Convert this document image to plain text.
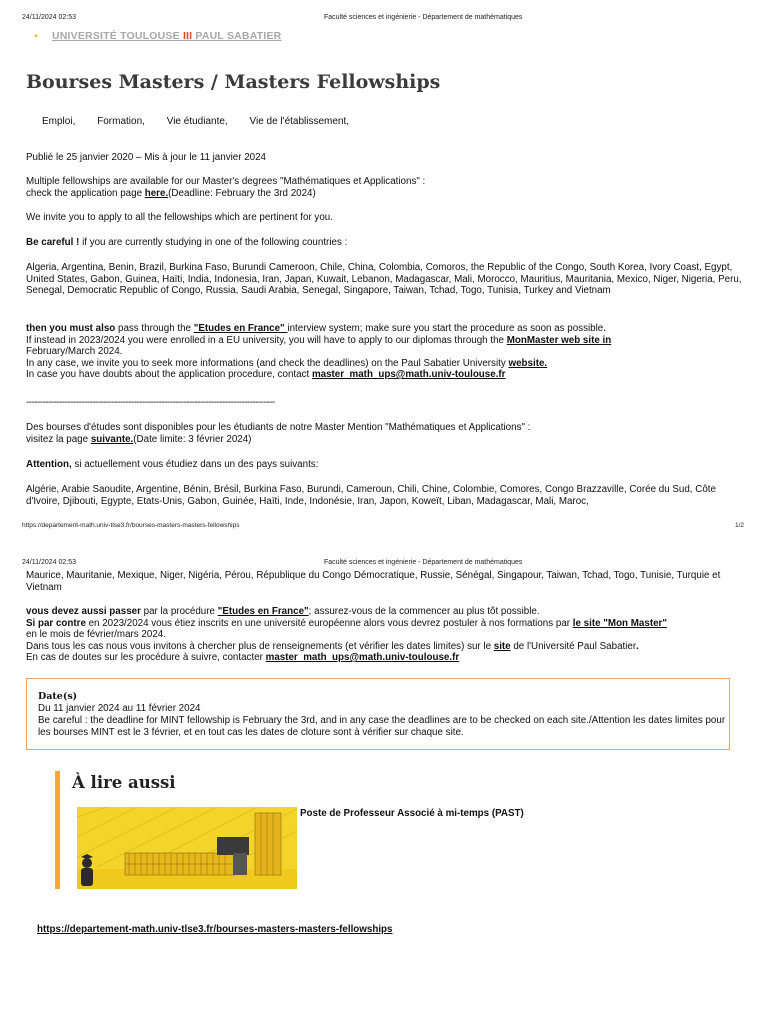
24/11/2024 02:53	Faculté sciences et ingénierie - Département de mathématiques
▪ UNIVERSITÉ TOULOUSE III PAUL SABATIER
Bourses Masters / Masters Fellowships
Emploi, Formation, Vie étudiante, Vie de l'établissement,
Publié le 25 janvier 2020 – Mis à jour le 11 janvier 2024
Multiple fellowships are available for our Master's degrees "Mathématiques et Applications" :
check the application page here.(Deadline: February the 3rd 2024)
We invite you to apply to all the fellowships which are pertinent for you.
Be careful ! if you are currently studying in one of the following countries :
Algeria, Argentina, Benin, Brazil, Burkina Faso, Burundi Cameroon, Chile, China, Colombia, Comoros, the Republic of the Congo, South Korea, Ivory Coast, Egypt, United States, Gabon, Guinea, Haïti, India, Indonesia, Iran, Japan, Kuwait, Lebanon, Madagascar, Mali, Morocco, Mauritius, Mauritania, Mexico, Niger, Nigeria, Peru, Senegal, Democratic Republic of Congo, Russia, Saudi Arabia, Senegal, Singapore, Taiwan, Tchad, Togo, Tunisia, Turkey and Vietnam
then you must also pass through the "Etudes en France" interview system; make sure you start the procedure as soon as possible.
If instead in 2023/2024 you were enrolled in a EU university, you will have to apply to our diplomas through the MonMaster web site in
February/March 2024.
In any case, we invite you to seek more informations (and check the deadlines) on the Paul Sabatier University website.
In case you have doubts about the application procedure, contact master_math_ups@math.univ-toulouse.fr
------------------------------------------------------------------------------------------
Des bourses d'études sont disponibles pour les étudiants de notre Master Mention "Mathématiques et Applications" :
visitez la page suivante.(Date limite: 3 février 2024)
Attention, si actuellement vous étudiez dans un des pays suivants:
Algérie, Arabie Saoudite, Argentine, Bénin, Brésil, Burkina Faso, Burundi, Cameroun, Chili, Chine, Colombie, Comores, Congo Brazzaville, Corée du Sud, Côte d'Ivoire, Djibouti, Egypte, Etats-Unis, Gabon, Guinée, Haïti, Inde, Indonésie, Iran, Japon, Koweït, Liban, Madagascar, Mali, Maroc,
https://departement-math.univ-tlse3.fr/bourses-masters-masters-fellowships	1/2
24/11/2024 02:53	Faculté sciences et ingénierie - Département de mathématiques
Maurice, Mauritanie, Mexique, Niger, Nigéria, Pérou, République du Congo Démocratique, Russie, Sénégal, Singapour, Taiwan, Tchad, Togo, Tunisie, Turquie et Vietnam
vous devez aussi passer par la procédure "Etudes en France"; assurez-vous de la commencer au plus tôt possible.
Si par contre en 2023/2024 vous étiez inscrits en une université européenne alors vous devrez postuler à nos formations par le site "Mon Master"
en le mois de février/mars 2024.
Dans tous les cas nous vous invitons à chercher plus de renseignements (et vérifier les dates limites) sur le site de l'Université Paul Sabatier.
En cas de doutes sur les procédure à suivre, contacter master_math_ups@math.univ-toulouse.fr
Date(s)
Du 11 janvier 2024 au 11 février 2024
Be careful : the deadline for MINT fellowship is February the 3rd, and in any case the deadlines are to be checked on each site./Attention les dates limites pour les bourses MINT est le 3 février, et en tout cas les dates de cloture sont à vérifier sur chaque site.
À lire aussi
Poste de Professeur Associé à mi-temps (PAST)
https://departement-math.univ-tlse3.fr/bourses-masters-masters-fellowships
